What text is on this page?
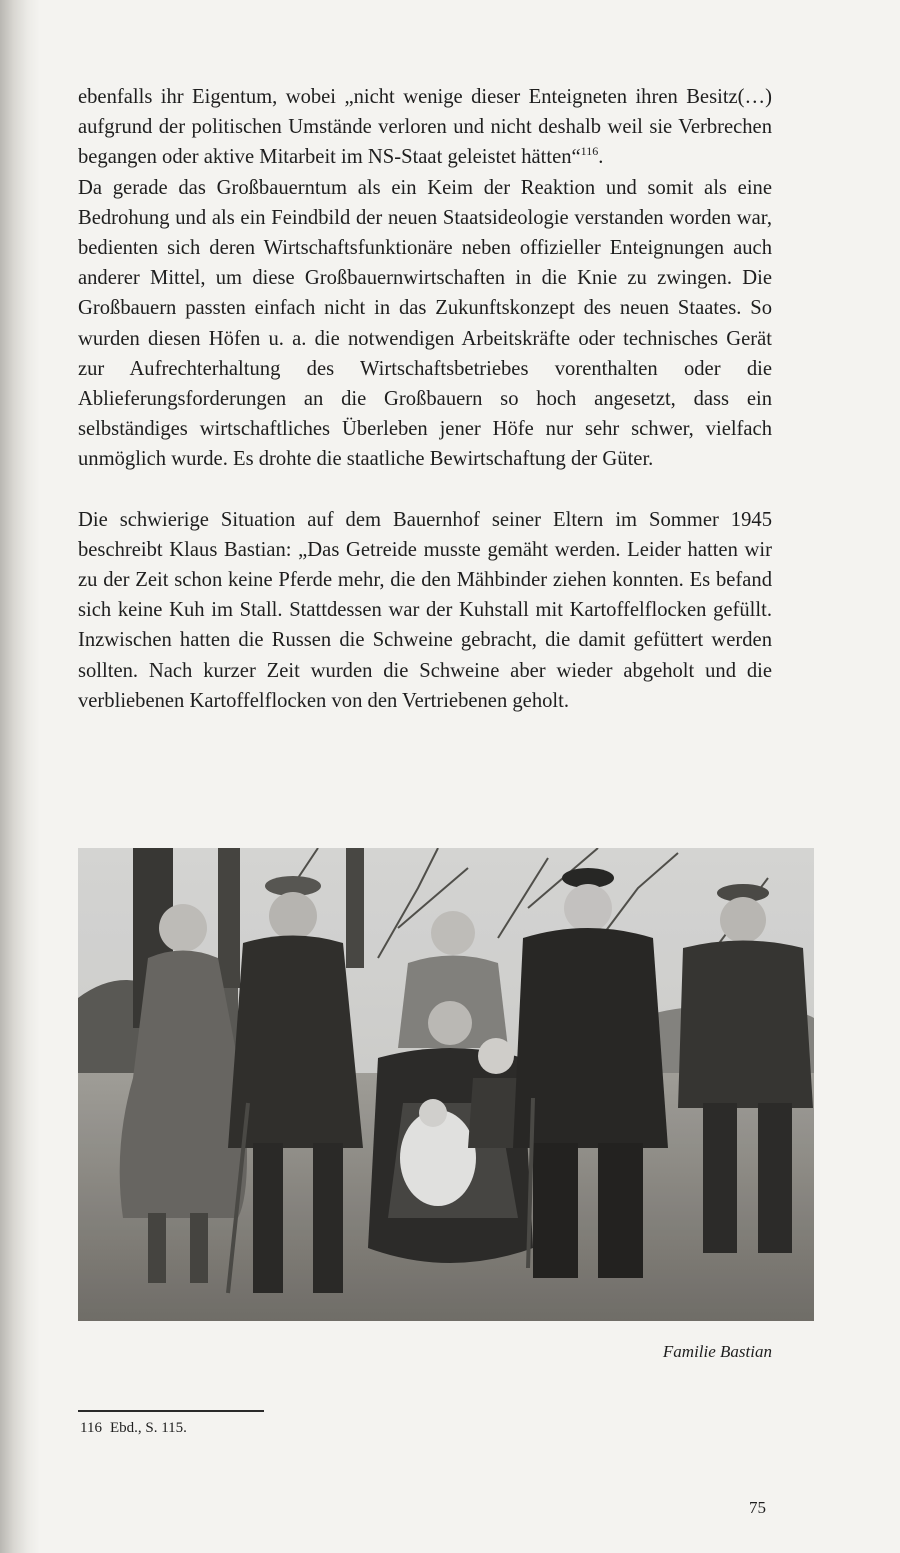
ebenfalls ihr Eigentum, wobei „nicht wenige dieser Enteigneten ihren Besitz(…) aufgrund der politischen Umstände verloren und nicht deshalb weil sie Verbrechen begangen oder aktive Mitarbeit im NS-Staat geleistet hätten“$^{116}$.

Da gerade das Großbauerntum als ein Keim der Reaktion und somit als eine Bedrohung und als ein Feindbild der neuen Staatsideologie verstanden worden war, bedienten sich deren Wirtschaftsfunktionäre neben offizieller Enteignungen auch anderer Mittel, um diese Großbauernwirtschaften in die Knie zu zwingen. Die Großbauern passten einfach nicht in das Zukunftskonzept des neuen Staates. So wurden diesen Höfen u. a. die notwendigen Arbeitskräfte oder technisches Gerät zur Aufrechterhaltung des Wirtschaftsbetriebes vorenthalten oder die Ablieferungsforderungen an die Großbauern so hoch angesetzt, dass ein selbständiges wirtschaftliches Überleben jener Höfe nur sehr schwer, vielfach unmöglich wurde. Es drohte die staatliche Bewirtschaftung der Güter.

Die schwierige Situation auf dem Bauernhof seiner Eltern im Sommer 1945 beschreibt Klaus Bastian: „Das Getreide musste gemäht werden. Leider hatten wir zu der Zeit schon keine Pferde mehr, die den Mähbinder ziehen konnten. Es befand sich keine Kuh im Stall. Stattdessen war der Kuhstall mit Kartoffelflocken gefüllt. Inzwischen hatten die Russen die Schweine gebracht, die damit gefüttert werden sollten. Nach kurzer Zeit wurden die Schweine aber wieder abgeholt und die verbliebenen Kartoffelflocken von den Vertriebenen geholt.

Familie Bastian
116 Ebd., S. 115.
75
